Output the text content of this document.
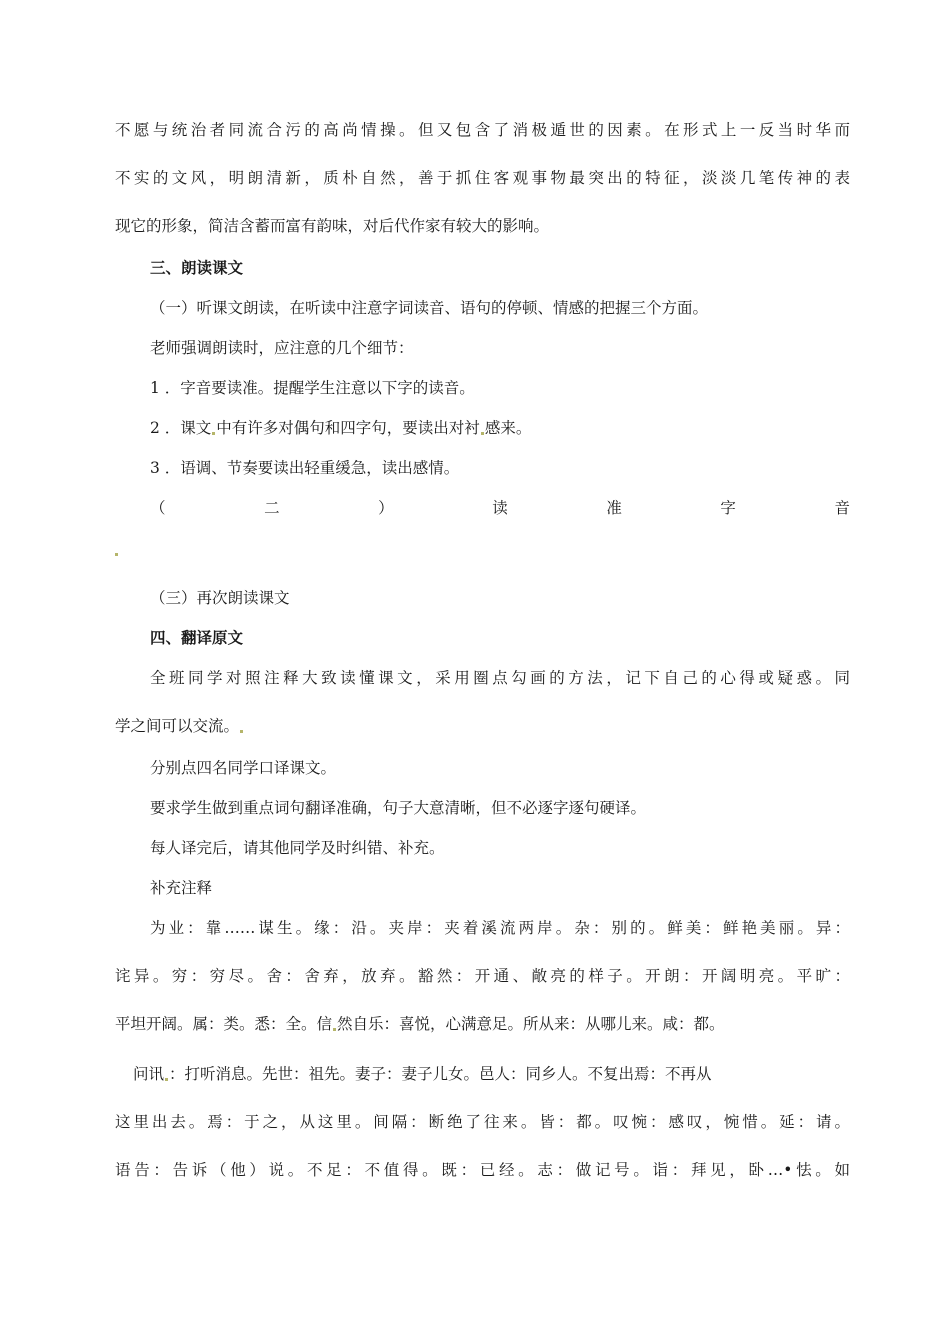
不愿与统治者同流合污的高尚情操。但又包含了消极遁世的因素。在形式上一反当时华而
不实的文风，明朗清新，质朴自然，善于抓住客观事物最突出的特征，淡淡几笔传神的表
现它的形象，简洁含蓄而富有韵味，对后代作家有较大的影响。
三、朗读课文
（一）听课文朗读，在听读中注意字词读音、语句的停顿、情感的把握三个方面。
老师强调朗读时，应注意的几个细节：
1 ．字音要读准。提醒学生注意以下字的读音。
2 ．课文 中有许多对偶句和四字句，要读出对衬 感来。
3 ．语调、节奏要读出轻重缓急，读出感情。
（	二	）	读	准	字	音
（三）再次朗读课文
四、翻译原文
全班同学对照注释大致读懂课文，采用圈点勾画的方法，记下自己的心得或疑惑。同
学之间可以交流。
分别点四名同学口译课文。
要求学生做到重点词句翻译准确，句子大意清晰，但不必逐字逐句硬译。
每人译完后，请其他同学及时纠错、补充。
补充注释
为业：靠……谋生。缘：沿。夹岸：夹着溪流两岸。杂：别的。鲜美：鲜艳美丽。异：
诧异。穷：穷尽。舍：舍弃，放弃。豁然：开通、敞亮的样子。开朗：开阔明亮。平旷：
平坦开阔。属：类。悉：全。信 然自乐：喜悦，心满意足。所从来：从哪儿来。咸：都。
问讯 ：打听消息。先世：祖先。妻子：妻子儿女。邑人：同乡人。不复出焉：不再从
这里出去。焉：于之，从这里。间隔：断绝了往来。皆：都。叹惋：感叹，惋惜。延：请。
语告：告诉（他）说。不足：不值得。既：已经。志：做记号。诣：拜见，卧…•怯。如
